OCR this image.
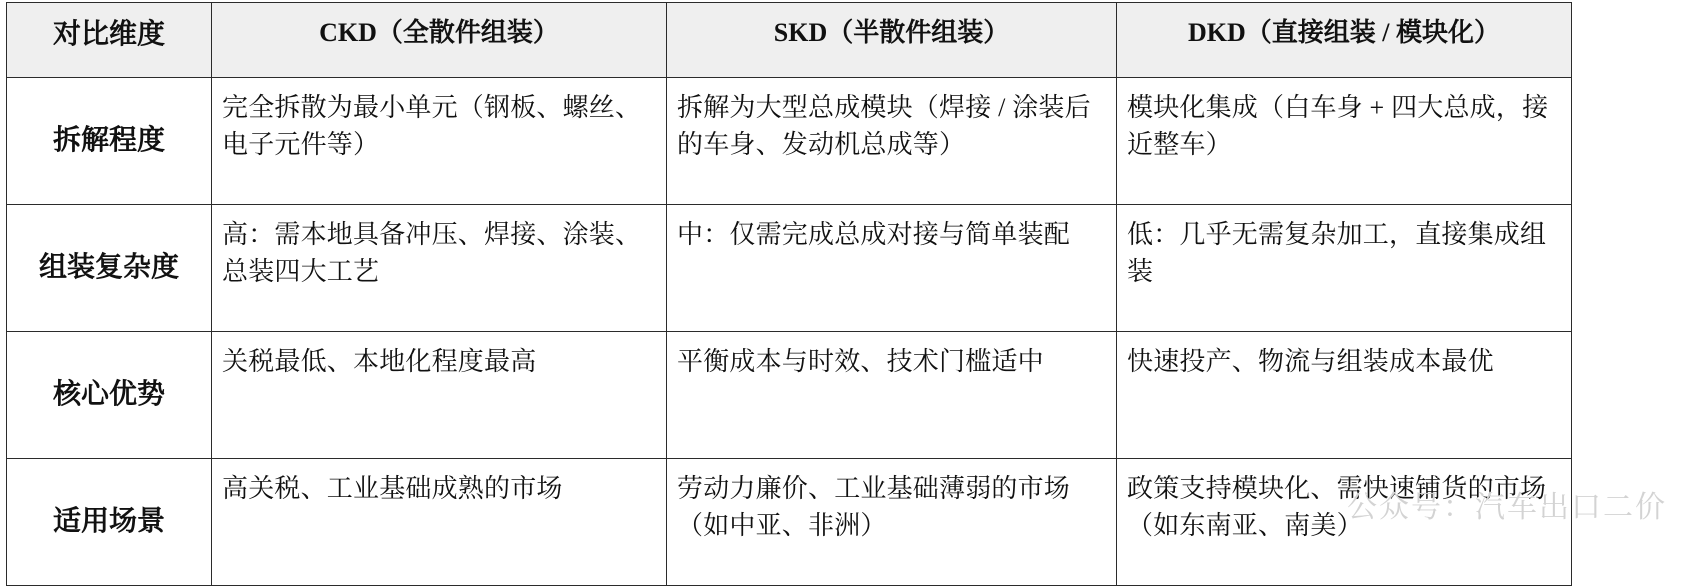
对比维度	CKD（全散件组装）	SKD（半散件组装）	DKD（直接组装 / 模块化）
拆解程度	完全拆散为最小单元（钢板、螺丝、电子元件等）	拆解为大型总成模块（焊接 / 涂装后的车身、发动机总成等）	模块化集成（白车身 + 四大总成，接近整车）
组装复杂度	高：需本地具备冲压、焊接、涂装、总装四大工艺	中：仅需完成总成对接与简单装配	低：几乎无需复杂加工，直接集成组装
核心优势	关税最低、本地化程度最高	平衡成本与时效、技术门槛适中	快速投产、物流与组装成本最优
适用场景	高关税、工业基础成熟的市场	劳动力廉价、工业基础薄弱的市场（如中亚、非洲）	政策支持模块化、需快速铺货的市场（如东南亚、南美）
公众号：汽车出口二价
